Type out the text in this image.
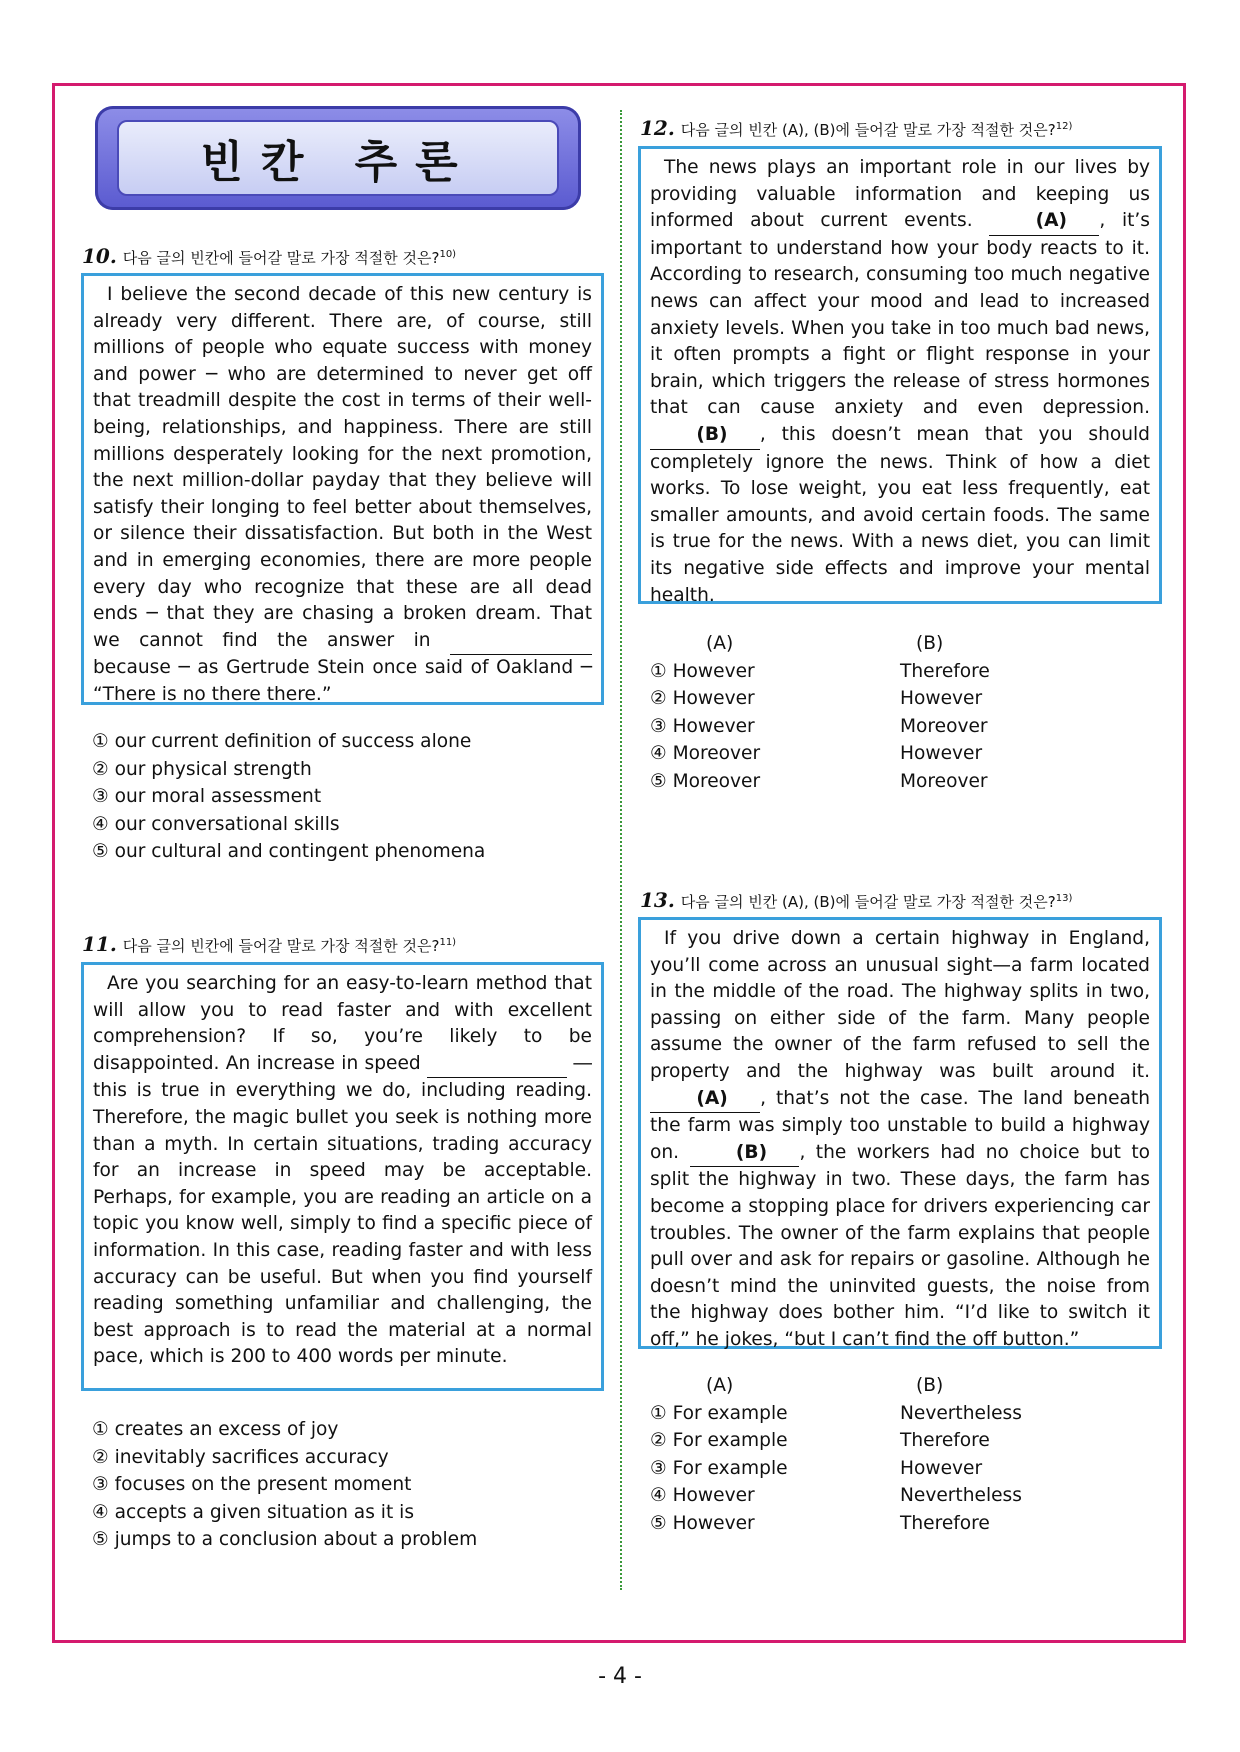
빈칸 추론
10. 다음 글의 빈칸에 들어갈 말로 가장 적절한 것은?$^{10)}$
I believe the second decade of this new century is already very different. There are, of course, still millions of people who equate success with money and power ─ who are determined to never get off that treadmill despite the cost in terms of their well-being, relationships, and happiness. There are still millions desperately looking for the next promotion, the next million-dollar payday that they believe will satisfy their longing to feel better about themselves, or silence their dissatisfaction. But both in the West and in emerging economies, there are more people every day who recognize that these are all dead ends ─ that they are chasing a broken dream. That we cannot find the answer in   because ─ as Gertrude Stein once said of Oakland ─ “There is no there there.”
① our current definition of success alone
② our physical strength
③ our moral assessment
④ our conversational skills
⑤ our cultural and contingent phenomena
11. 다음 글의 빈칸에 들어갈 말로 가장 적절한 것은?$^{11)}$
Are you searching for an easy-to-learn method that will allow you to read faster and with excellent comprehension? If so, you’re likely to be disappointed. An increase in speed	― this is true in everything we do, including reading. Therefore, the magic bullet you seek is nothing more than a myth. In certain situations, trading accuracy for an increase in speed may be acceptable. Perhaps, for example, you are reading an article on a topic you know well, simply to find a specific piece of information. In this case, reading faster and with less accuracy can be useful. But when you find yourself reading something unfamiliar and challenging, the best approach is to read the material at a normal pace, which is 200 to 400 words per minute.
① creates an excess of joy
② inevitably sacrifices accuracy
③ focuses on the present moment
④ accepts a given situation as it is
⑤ jumps to a conclusion about a problem
12. 다음 글의 빈칸 (A), (B)에 들어갈 말로 가장 적절한 것은?$^{12)}$
The news plays an important role in our lives by providing valuable information and keeping us informed about current events.	(A) , it’s important to understand how your body reacts to it. According to research, consuming too much negative news can affect your mood and lead to increased anxiety levels. When you take in too much bad news, it often prompts a fight or flight response in your brain, which triggers the release of stress hormones that can cause anxiety and even depression.      (B) , this doesn’t mean that you should completely ignore the news. Think of how a diet works. To lose weight, you eat less frequently, eat smaller amounts, and avoid certain foods. The same is true for the news. With a news diet, you can limit its negative side effects and improve your mental health.
(A)	(B)
① However	Therefore
② However	However
③ However	Moreover
④ Moreover	However
⑤ Moreover	Moreover
13. 다음 글의 빈칸 (A), (B)에 들어갈 말로 가장 적절한 것은?$^{13)}$
If you drive down a certain highway in England, you’ll come across an unusual sight—a farm located in the middle of the road. The highway splits in two, passing on either side of the farm. Many people assume the owner of the farm refused to sell the property and the highway was built around it.      (A) , that’s not the case. The land beneath the farm was simply too unstable to build a highway on.	(B) , the workers had no choice but to split the highway in two. These days, the farm has become a stopping place for drivers experiencing car troubles. The owner of the farm explains that people pull over and ask for repairs or gasoline. Although he doesn’t mind the uninvited guests, the noise from the highway does bother him. “I’d like to switch it off,” he jokes, “but I can’t find the off button.”
(A)	(B)
① For example	Nevertheless
② For example	Therefore
③ For example	However
④ However	Nevertheless
⑤ However	Therefore
- 4 -
